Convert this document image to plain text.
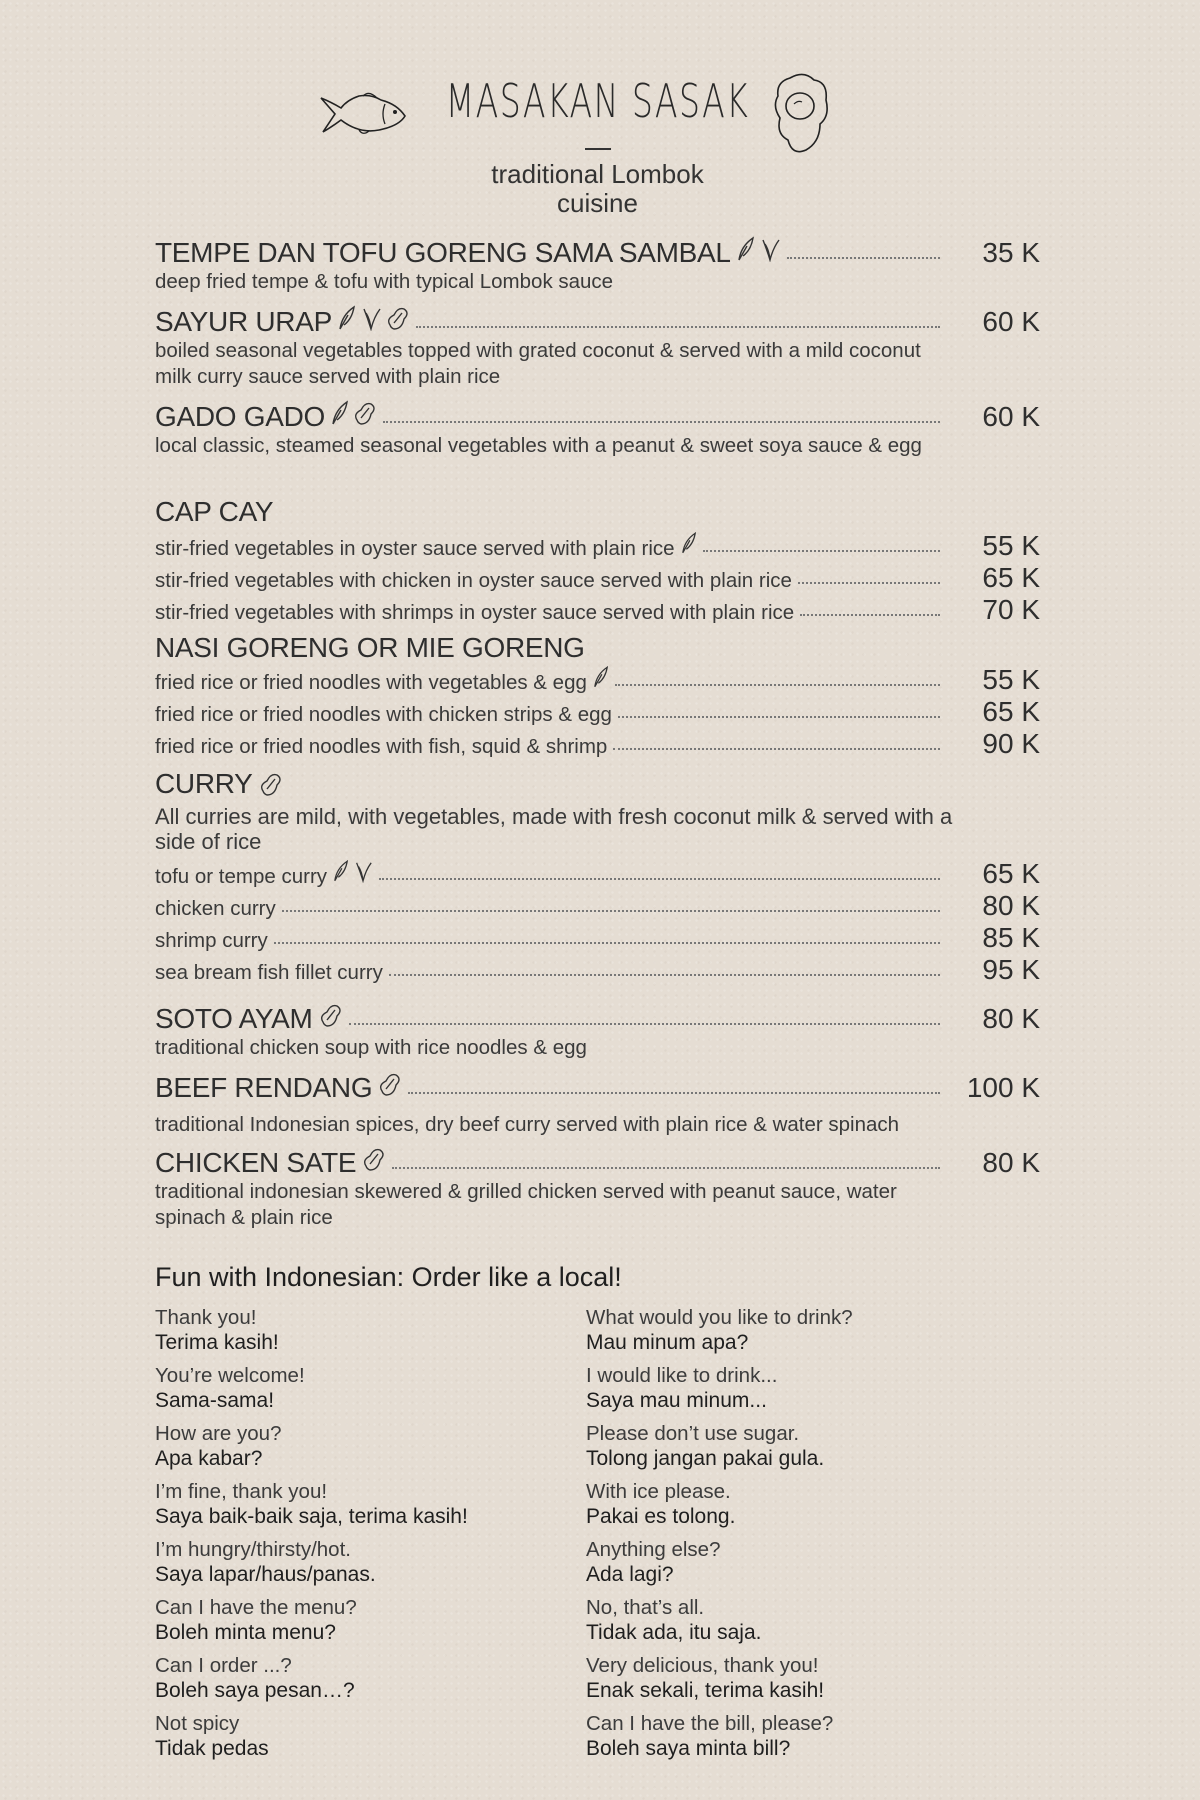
MASAKAN SASAK
traditional Lombok
cuisine
TEMPE DAN TOFU GORENG SAMA SAMBAL	35 K
deep fried tempe & tofu with typical Lombok sauce
SAYUR URAP	60 K
boiled seasonal vegetables topped with grated coconut & served with a mild coconut milk curry sauce served with plain rice
GADO GADO	60 K
local classic, steamed seasonal vegetables with a peanut & sweet soya sauce & egg
CAP CAY
stir-fried vegetables in oyster sauce served with plain rice	55 K
stir-fried vegetables with chicken in oyster sauce served with plain rice	65 K
stir-fried vegetables with shrimps in oyster sauce served with plain rice	70 K
NASI GORENG OR MIE GORENG
fried rice or fried noodles with vegetables & egg	55 K
fried rice or fried noodles with chicken strips & egg	65 K
fried rice or fried noodles with fish, squid & shrimp	90 K
CURRY
All curries are mild, with vegetables, made with fresh coconut milk & served with a side of rice
tofu or tempe curry	65 K
chicken curry	80 K
shrimp curry	85 K
sea bream fish fillet curry	95 K
SOTO AYAM	80 K
traditional chicken soup with rice noodles & egg
BEEF RENDANG	100 K
traditional Indonesian spices, dry beef curry served with plain rice & water spinach
CHICKEN SATE	80 K
traditional indonesian skewered & grilled chicken served with peanut sauce, water spinach & plain rice
Fun with Indonesian: Order like a local!
Thank you!
Terima kasih!
You’re welcome!
Sama-sama!
How are you?
Apa kabar?
I’m fine, thank you!
Saya baik-baik saja, terima kasih!
I’m hungry/thirsty/hot.
Saya lapar/haus/panas.
Can I have the menu?
Boleh minta menu?
Can I order ...?
Boleh saya pesan…?
Not spicy
Tidak pedas
What would you like to drink?
Mau minum apa?
I would like to drink...
Saya mau minum...
Please don’t use sugar.
Tolong jangan pakai gula.
With ice please.
Pakai es tolong.
Anything else?
Ada lagi?
No, that’s all.
Tidak ada, itu saja.
Very delicious, thank you!
Enak sekali, terima kasih!
Can I have the bill, please?
Boleh saya minta bill?
